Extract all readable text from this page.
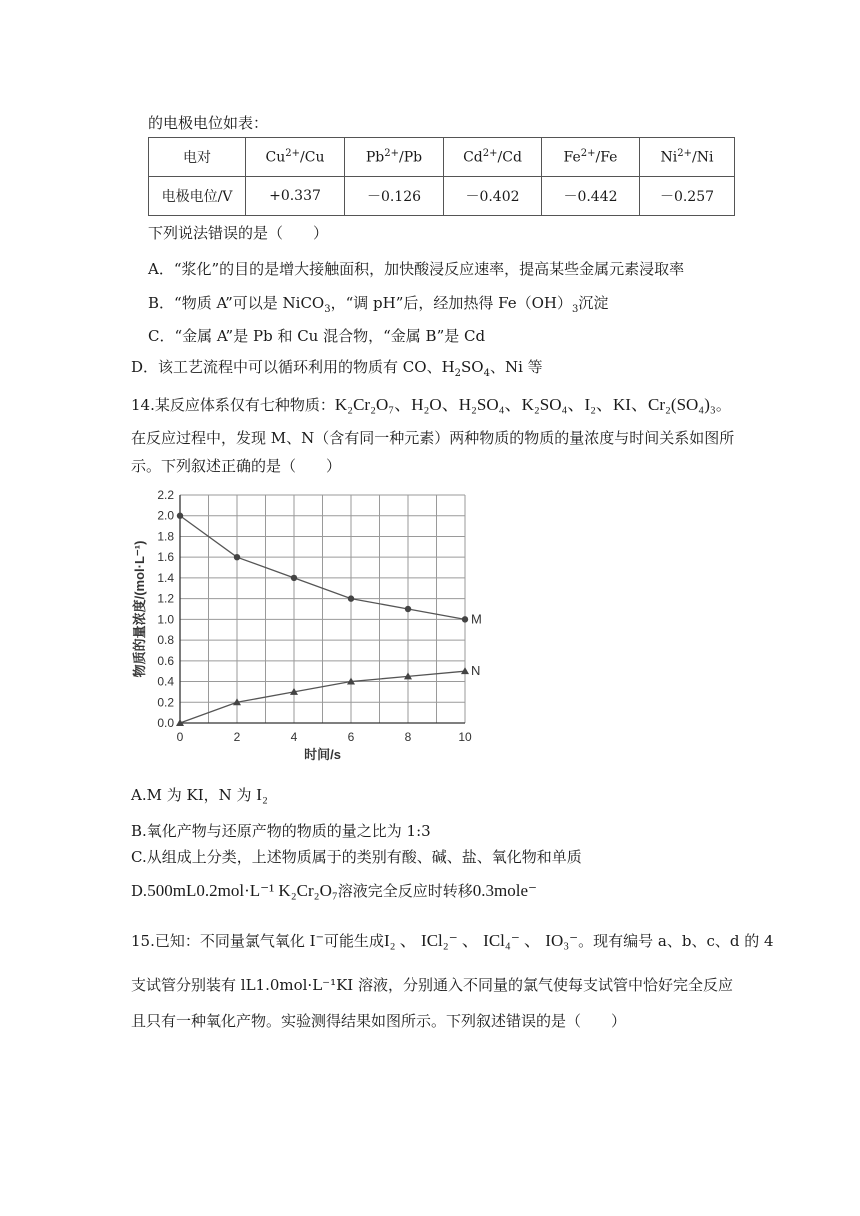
的电极电位如表：
电对	$Cu^{2+}/Cu$	$Pb^{2+}/Pb$	$Cd^{2+}/Cd$	$Fe^{2+}/Fe$	$Ni^{2+}/Ni$
电极电位/V	+0.337	－0.126	－0.402	－0.442	－0.257
下列说法错误的是（　　）
A．“浆化”的目的是增大接触面积，加快酸浸反应速率，提高某些金属元素浸取率
B．“物质 A”可以是 NiCO$_3$，“调 pH”后，经加热得 $Fe(OH)_3$沉淀
C．“金属 A”是 Pb 和 Cu 混合物，“金属 B”是 Cd
D．该工艺流程中可以循环利用的物质有 CO、$H_2SO_4$、Ni 等
14.某反应体系仅有七种物质：K₂Cr₂O₇、H₂O、H₂SO₄、K₂SO₄、I₂、KI、Cr₂(SO₄)₃。
在反应过程中，发现 M、N（含有同一种元素）两种物质的物质的量浓度与时间关系如图所
示。下列叙述正确的是（　　）
0.0
0.2
0.4
0.6
0.8
1.0
1.2
1.4
1.6
1.8
2.0
2.2
0	2	4	6	8	10
时间/s
物质的量浓度/(mol·L⁻¹)	M
N
A.M 为 KI，N 为 I₂
B.氧化产物与还原产物的物质的量之比为 1:3
C.从组成上分类，上述物质属于的类别有酸、碱、盐、氧化物和单质
D.500mL0.2mol·L⁻¹ K₂Cr₂O₇溶液完全反应时转移0.3mole⁻
15.已知：不同量氯气氧化 I−可能生成I₂ 、 ICl₂⁻ 、 ICl₄⁻ 、 IO₃⁻。现有编号 a、b、c、d 的 4
支试管分别装有 lL1.0mol·L⁻¹KI 溶液，分别通入不同量的氯气使每支试管中恰好完全反应
且只有一种氧化产物。实验测得结果如图所示。下列叙述错误的是（　　）
